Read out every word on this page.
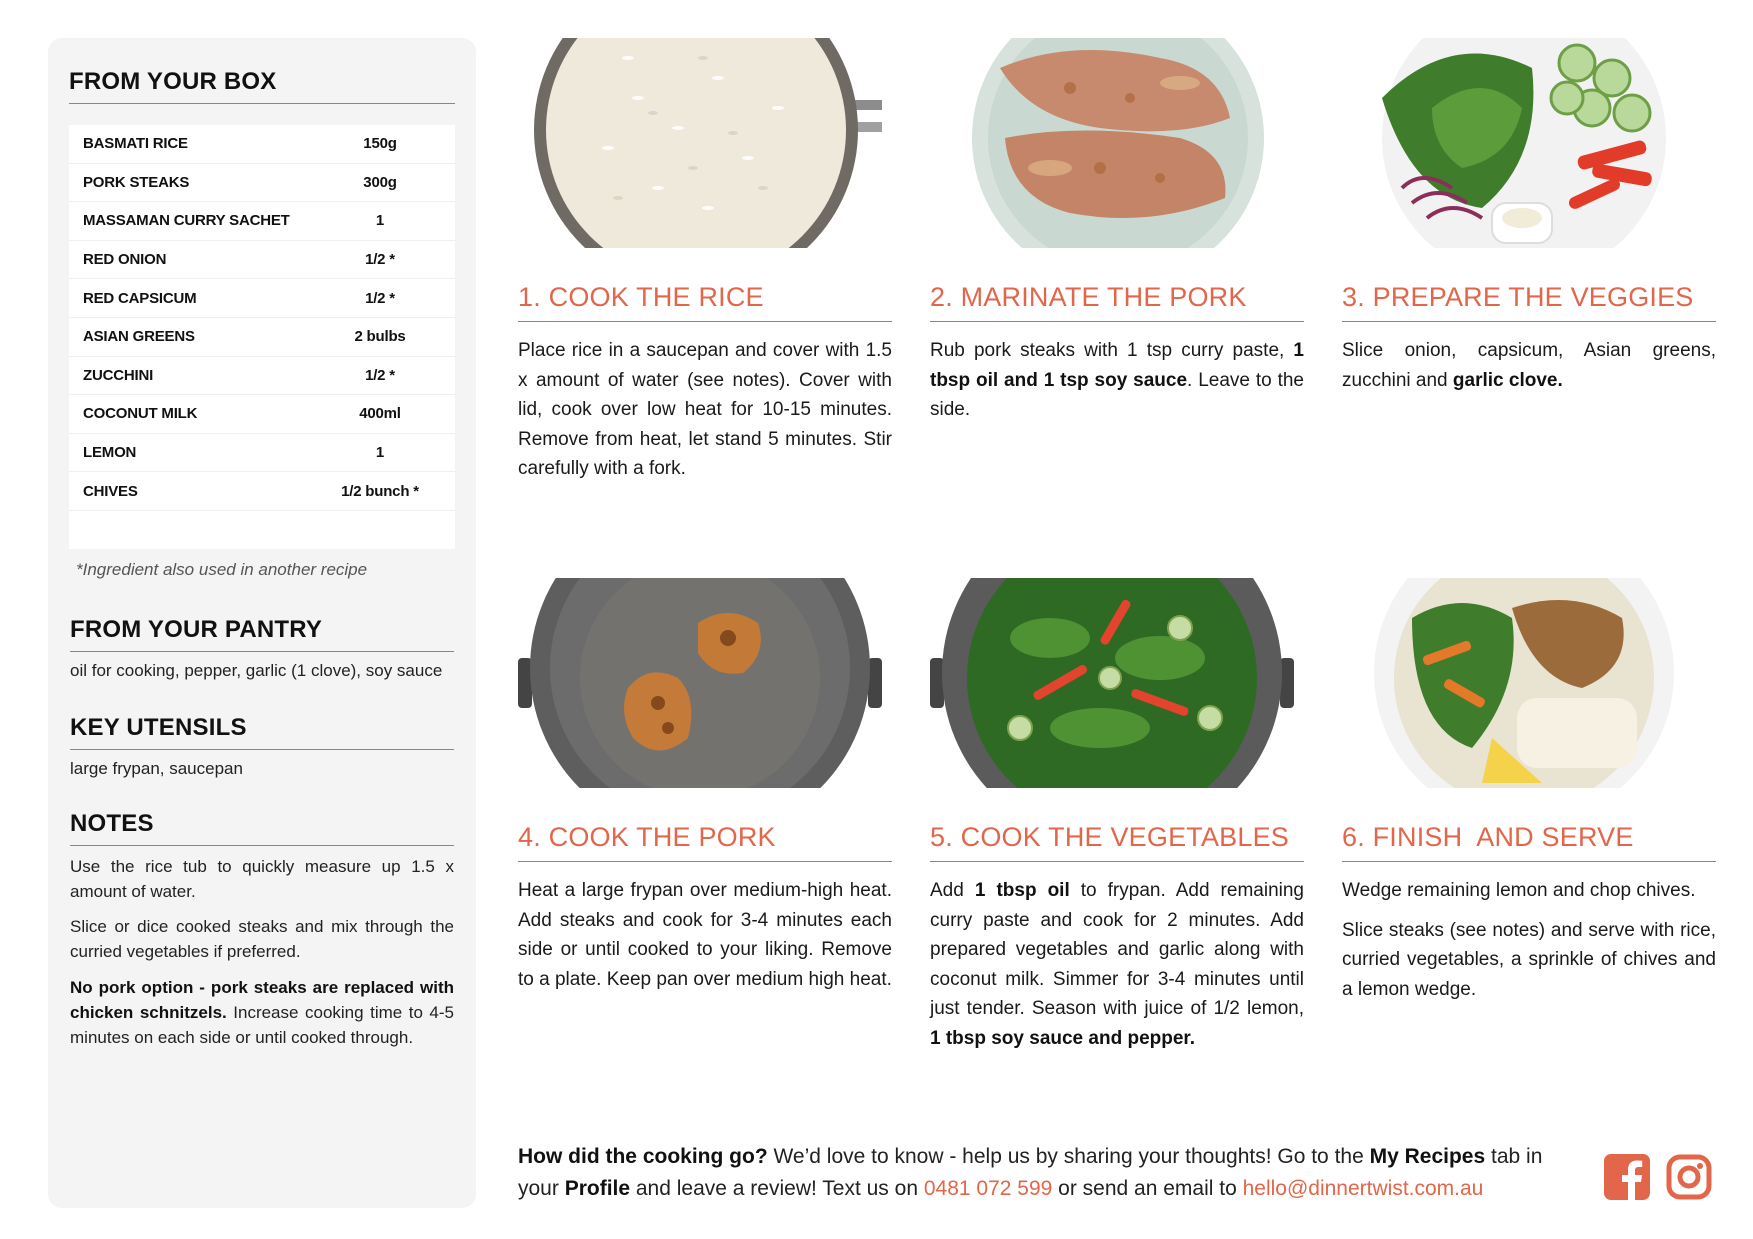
FROM YOUR BOX
BASMATI RICE	150g
PORK STEAKS	300g
MASSAMAN CURRY SACHET	1
RED ONION	1/2 *
RED CAPSICUM	1/2 *
ASIAN GREENS	2 bulbs
ZUCCHINI	1/2 *
COCONUT MILK	400ml
LEMON	1
CHIVES	1/2 bunch *
*Ingredient also used in another recipe
FROM YOUR PANTRY
oil for cooking, pepper, garlic (1 clove), soy sauce
KEY UTENSILS
large frypan, saucepan
NOTES
Use the rice tub to quickly measure up 1.5 x amount of water.
Slice or dice cooked steaks and mix through the curried vegetables if preferred.
No pork option - pork steaks are replaced with chicken schnitzels. Increase cooking time to 4-5 minutes on each side or until cooked through.
1. COOK THE RICE
Place rice in a saucepan and cover with 1.5 x amount of water (see notes). Cover with lid, cook over low heat for 10-15 minutes. Remove from heat, let stand 5 minutes. Stir carefully with a fork.
2. MARINATE THE PORK
Rub pork steaks with 1 tsp curry paste, 1 tbsp oil and 1 tsp soy sauce. Leave to the side.
3. PREPARE THE VEGGIES
Slice onion, capsicum, Asian greens, zucchini and garlic clove.
4. COOK THE PORK
Heat a large frypan over medium-high heat. Add steaks and cook for 3-4 minutes each side or until cooked to your liking. Remove to a plate. Keep pan over medium high heat.
5. COOK THE VEGETABLES
Add 1 tbsp oil to frypan. Add remaining curry paste and cook for 2 minutes. Add prepared vegetables and garlic along with coconut milk. Simmer for 3-4 minutes until just tender. Season with juice of 1/2 lemon, 1 tbsp soy sauce and pepper.
6. FINISH  AND SERVE

Wedge remaining lemon and chop chives.

Slice steaks (see notes) and serve with rice, curried vegetables, a sprinkle of chives and a lemon wedge.

How did the cooking go? We’d love to know - help us by sharing your thoughts! Go to the My Recipes tab in your Profile and leave a review! Text us on 0481 072 599 or send an email to hello@dinnertwist.com.au
